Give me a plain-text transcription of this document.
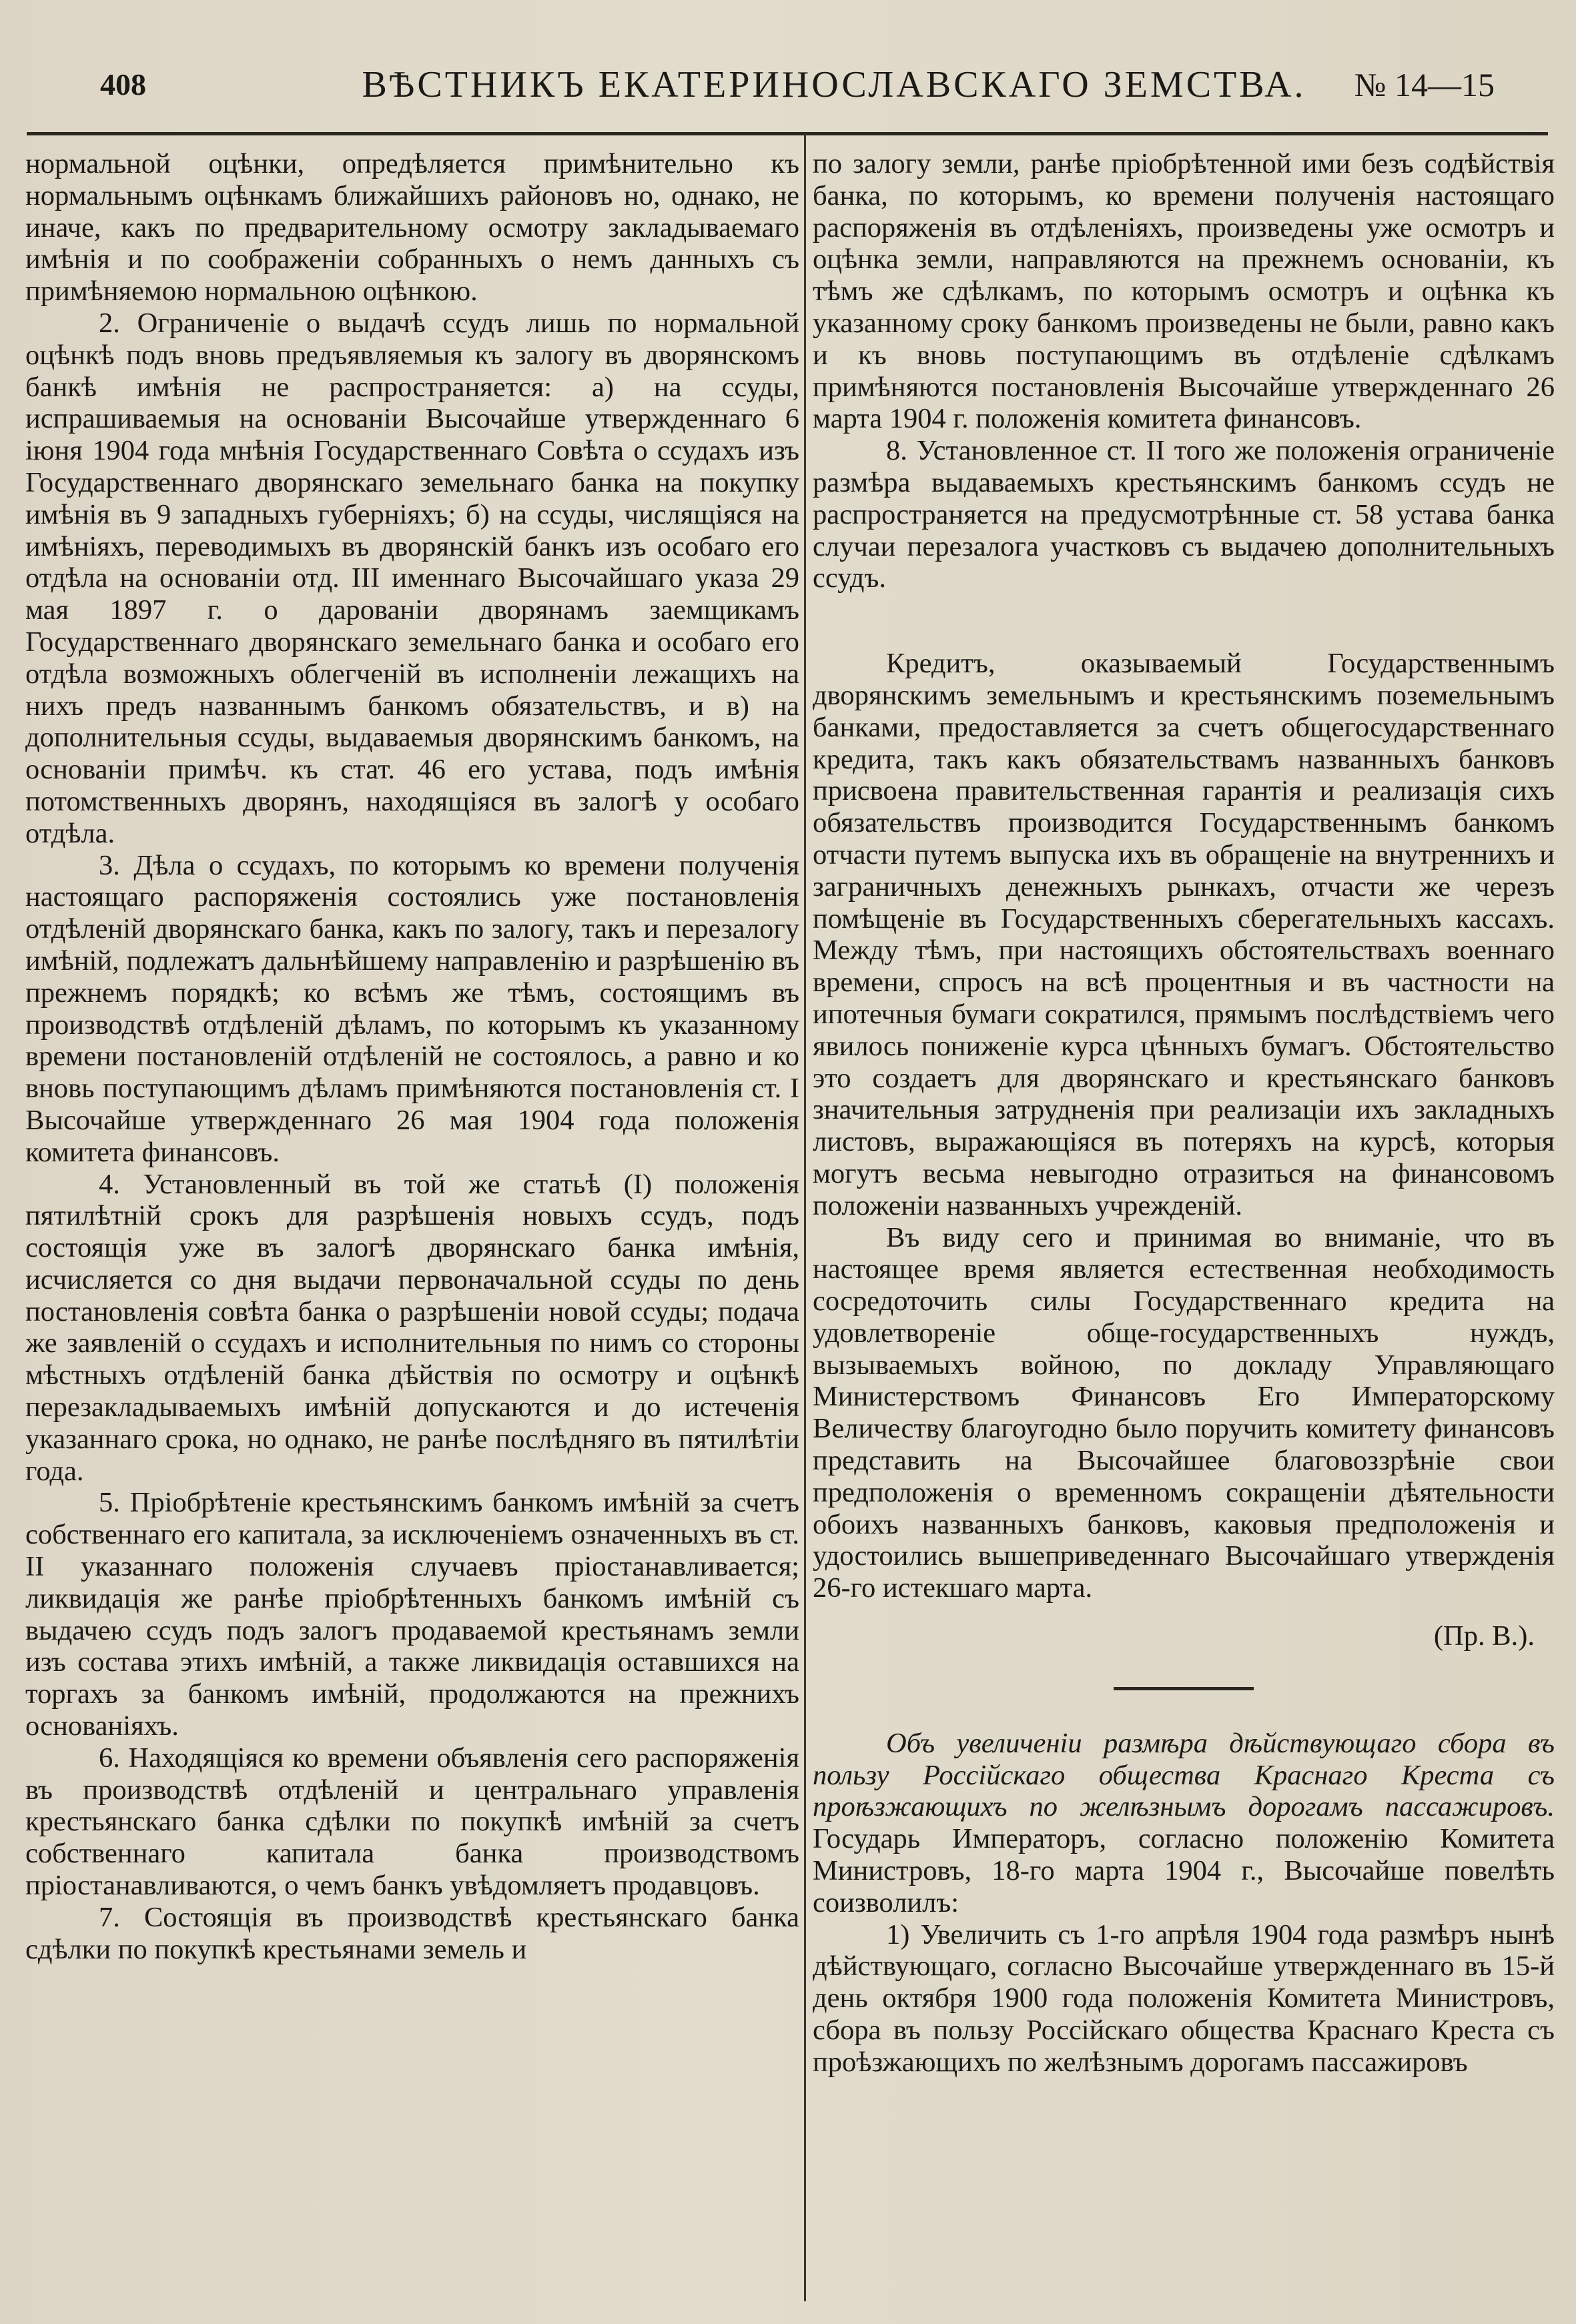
408	ВѢСТНИКЪ ЕКАТЕРИНОСЛАВСКАГО ЗЕМСТВА.	№ 14—15

нормальной оцѣнки, опредѣляется примѣнительно къ нормальнымъ оцѣнкамъ ближайшихъ районовъ но, однако, не иначе, какъ по предварительному осмотру закладываемаго имѣнія и по соображеніи собранныхъ о немъ данныхъ съ примѣняемою нормальною оцѣнкою.

2. Ограниченіе о выдачѣ ссудъ лишь по нормальной оцѣнкѣ подъ вновь предъявляемыя къ залогу въ дворянскомъ банкѣ имѣнія не распространяется: а) на ссуды, испрашиваемыя на основаніи Высочайше утвержденнаго 6 іюня 1904 года мнѣнія Государственнаго Совѣта о ссудахъ изъ Государственнаго дворянскаго земельнаго банка на покупку имѣнія въ 9 западныхъ губерніяхъ; б) на ссуды, числящіяся на имѣніяхъ, переводимыхъ въ дворянскій банкъ изъ особаго его отдѣла на основаніи отд. III именнаго Высочайшаго указа 29 мая 1897 г. о дарованіи дворянамъ заемщикамъ Государственнаго дворянскаго земельнаго банка и особаго его отдѣла возможныхъ облегченій въ исполненіи лежащихъ на нихъ предъ названнымъ банкомъ обязательствъ, и в) на дополнительныя ссуды, выдаваемыя дворянскимъ банкомъ, на основаніи примѣч. къ стат. 46 его устава, подъ имѣнія потомственныхъ дворянъ, находящіяся въ залогѣ у особаго отдѣла.

3. Дѣла о ссудахъ, по которымъ ко времени полученія настоящаго распоряженія состоялись уже постановленія отдѣленій дворянскаго банка, какъ по залогу, такъ и перезалогу имѣній, подлежатъ дальнѣйшему направленію и разрѣшенію въ прежнемъ порядкѣ; ко всѣмъ же тѣмъ, состоящимъ въ производствѣ отдѣленій дѣламъ, по которымъ къ указанному времени постановленій отдѣленій не состоялось, а равно и ко вновь поступающимъ дѣламъ примѣняются постановленія ст. I Высочайше утвержденнаго 26 мая 1904 года положенія комитета финансовъ.

4. Установленный въ той же статьѣ (I) положенія пятилѣтній срокъ для разрѣшенія новыхъ ссудъ, подъ состоящія уже въ залогѣ дворянскаго банка имѣнія, исчисляется со дня выдачи первоначальной ссуды по день постановленія совѣта банка о разрѣшеніи новой ссуды; подача же заявленій о ссудахъ и исполнительныя по нимъ со стороны мѣстныхъ отдѣленій банка дѣйствія по осмотру и оцѣнкѣ перезакладываемыхъ имѣній допускаются и до истеченія указаннаго срока, но однако, не ранѣе послѣдняго въ пятилѣтіи года.

5. Пріобрѣтеніе крестьянскимъ банкомъ имѣній за счетъ собственнаго его капитала, за исключеніемъ означенныхъ въ ст. II указаннаго положенія случаевъ пріостанавливается; ликвидація же ранѣе пріобрѣтенныхъ банкомъ имѣній съ выдачею ссудъ подъ залогъ продаваемой крестьянамъ земли изъ состава этихъ имѣній, а также ликвидація оставшихся на торгахъ за банкомъ имѣній, продолжаются на прежнихъ основаніяхъ.

6. Находящіяся ко времени объявленія сего распоряженія въ производствѣ отдѣленій и центральнаго управленія крестьянскаго банка сдѣлки по покупкѣ имѣній за счетъ собственнаго капитала банка производствомъ пріостанавливаются, о чемъ банкъ увѣдомляетъ продавцовъ.

7. Состоящія въ производствѣ крестьянскаго банка сдѣлки по покупкѣ крестьянами земель и

по залогу земли, ранѣе пріобрѣтенной ими безъ содѣйствія банка, по которымъ, ко времени полученія настоящаго распоряженія въ отдѣленіяхъ, произведены уже осмотръ и оцѣнка земли, направляются на прежнемъ основаніи, къ тѣмъ же сдѣлкамъ, по которымъ осмотръ и оцѣнка къ указанному сроку банкомъ произведены не были, равно какъ и къ вновь поступающимъ въ отдѣленіе сдѣлкамъ примѣняются постановленія Высочайше утвержденнаго 26 марта 1904 г. положенія комитета финансовъ.

8. Установленное ст. II того же положенія ограниченіе размѣра выдаваемыхъ крестьянскимъ банкомъ ссудъ не распространяется на предусмотрѣнные ст. 58 устава банка случаи перезалога участковъ съ выдачею дополнительныхъ ссудъ.

Кредитъ, оказываемый Государственнымъ дворянскимъ земельнымъ и крестьянскимъ поземельнымъ банками, предоставляется за счетъ общегосударственнаго кредита, такъ какъ обязательствамъ названныхъ банковъ присвоена правительственная гарантія и реализація сихъ обязательствъ производится Государственнымъ банкомъ отчасти путемъ выпуска ихъ въ обращеніе на внутреннихъ и заграничныхъ денежныхъ рынкахъ, отчасти же черезъ помѣщеніе въ Государственныхъ сберегательныхъ кассахъ. Между тѣмъ, при настоящихъ обстоятельствахъ военнаго времени, спросъ на всѣ процентныя и въ частности на ипотечныя бумаги сократился, прямымъ послѣдствіемъ чего явилось пониженіе курса цѣнныхъ бумагъ. Обстоятельство это создаетъ для дворянскаго и крестьянскаго банковъ значительныя затрудненія при реализаціи ихъ закладныхъ листовъ, выражающіяся въ потеряхъ на курсѣ, которыя могутъ весьма невыгодно отразиться на финансовомъ положеніи названныхъ учрежденій.

Въ виду сего и принимая во вниманіе, что въ настоящее время является естественная необходимость сосредоточить силы Государственнаго кредита на удовлетвореніе обще-государственныхъ нуждъ, вызываемыхъ войною, по докладу Управляющаго Министерствомъ Финансовъ Его Императорскому Величеству благоугодно было поручить комитету финансовъ представить на Высочайшее благовоззрѣніе свои предположенія о временномъ сокращеніи дѣятельности обоихъ названныхъ банковъ, каковыя предположенія и удостоились вышеприведеннаго Высочайшаго утвержденія 26-го истекшаго марта.

(Пр. В.).

Объ увеличеніи размѣра дѣйствующаго сбора въ пользу Россійскаго общества Краснаго Креста съ проѣзжающихъ по желѣзнымъ дорогамъ пассажировъ. Государь Императоръ, согласно положенію Комитета Министровъ, 18-го марта 1904 г., Высочайше повелѣть соизволилъ:

1) Увеличить съ 1-го апрѣля 1904 года размѣръ нынѣ дѣйствующаго, согласно Высочайше утвержденнаго въ 15-й день октября 1900 года положенія Комитета Министровъ, сбора въ пользу Россійскаго общества Краснаго Креста съ проѣзжающихъ по желѣзнымъ дорогамъ пассажировъ
